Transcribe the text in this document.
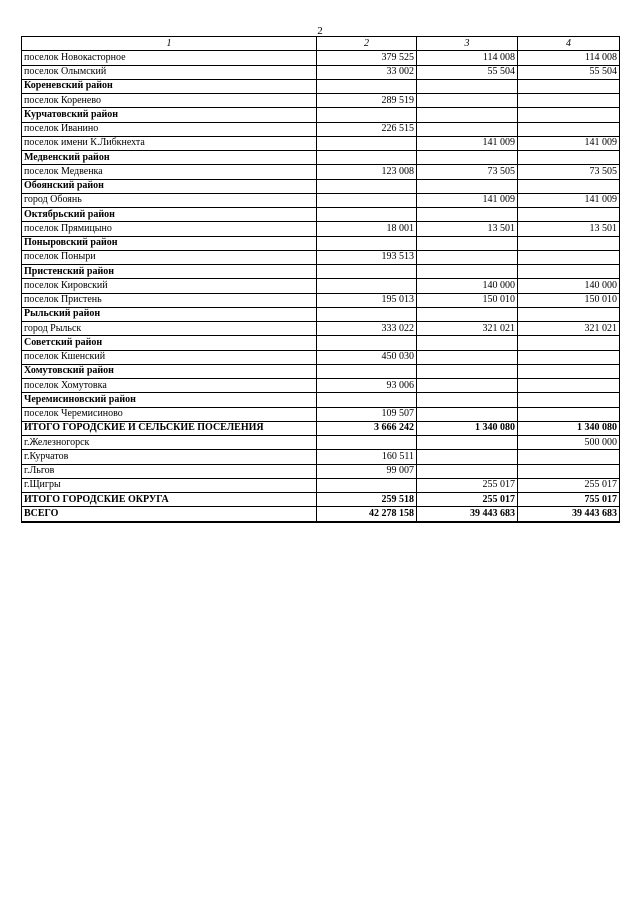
2
1	2	3	4
поселок Новокасторное	379 525	114 008	114 008
поселок Олымский	33 002	55 504	55 504
Кореневский район			
поселок Коренево	289 519		
Курчатовский район			
поселок Иванино	226 515		
поселок имени К.Либкнехта		141 009	141 009
Медвенский район			
поселок Медвенка	123 008	73 505	73 505
Обоянский район			
город Обоянь		141 009	141 009
Октябрьский район			
поселок Прямицыно	18 001	13 501	13 501
Поныровский район			
поселок Поныри	193 513		
Пристенский район			
поселок Кировский		140 000	140 000
поселок Пристень	195 013	150 010	150 010
Рыльский район			
город Рыльск	333 022	321 021	321 021
Советский район			
поселок Кшенский	450 030		
Хомутовский район			
поселок Хомутовка	93 006		
Черемисиновский район			
поселок Черемисиново	109 507		
ИТОГО ГОРОДСКИЕ И СЕЛЬСКИЕ ПОСЕЛЕНИЯ	3 666 242	1 340 080	1 340 080
г.Железногорск			500 000
г.Курчатов	160 511		
г.Льгов	99 007		
г.Щигры		255 017	255 017
ИТОГО ГОРОДСКИЕ ОКРУГА	259 518	255 017	755 017
ВСЕГО	42 278 158	39 443 683	39 443 683
